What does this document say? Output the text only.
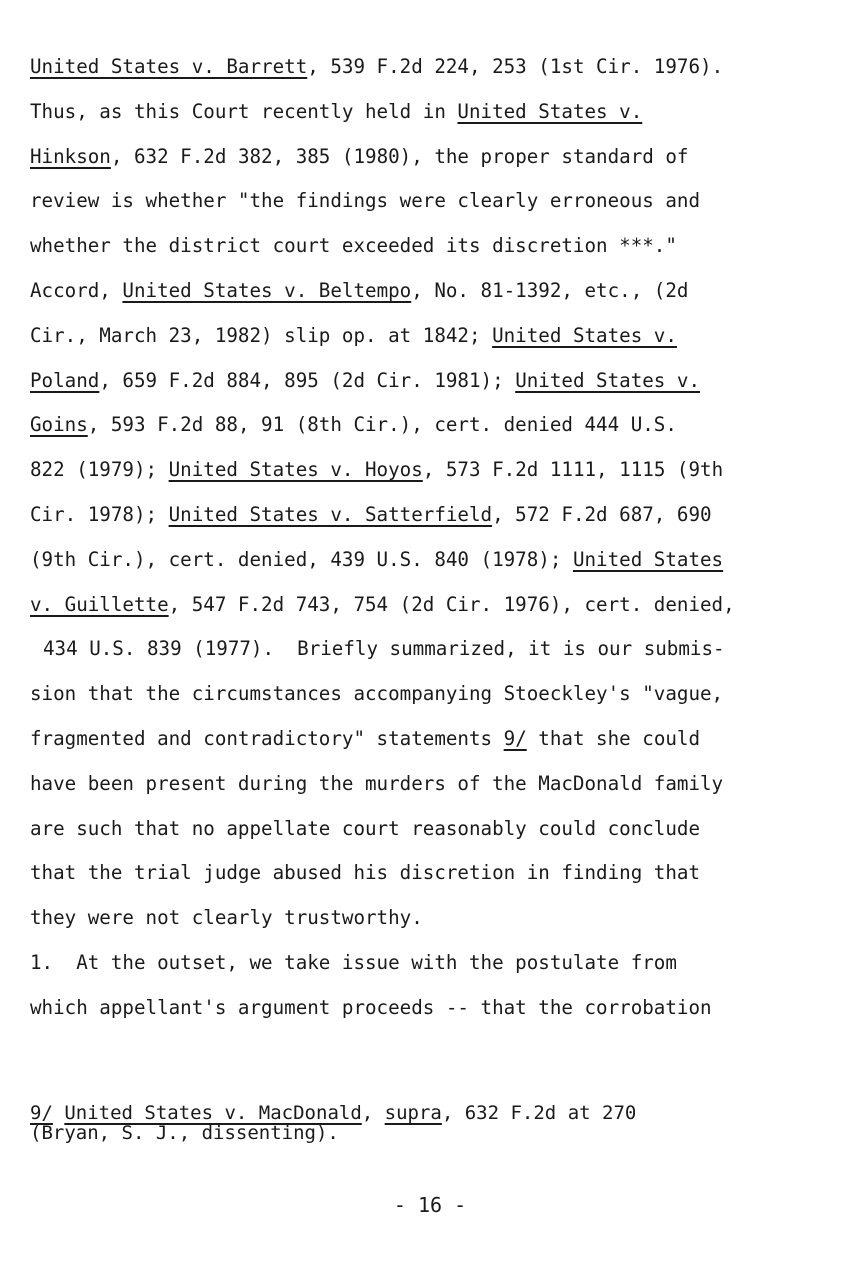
United States v. Barrett, 539 F.2d 224, 253 (1st Cir. 1976).
Thus, as this Court recently held in United States v.
Hinkson, 632 F.2d 382, 385 (1980), the proper standard of
review is whether "the findings were clearly erroneous and
whether the district court exceeded its discretion ***."
Accord, United States v. Beltempo, No. 81-1392, etc., (2d
Cir., March 23, 1982) slip op. at 1842; United States v.
Poland, 659 F.2d 884, 895 (2d Cir. 1981); United States v.
Goins, 593 F.2d 88, 91 (8th Cir.), cert. denied 444 U.S.
822 (1979); United States v. Hoyos, 573 F.2d 1111, 1115 (9th
Cir. 1978); United States v. Satterfield, 572 F.2d 687, 690
(9th Cir.), cert. denied, 439 U.S. 840 (1978); United States
v. Guillette, 547 F.2d 743, 754 (2d Cir. 1976), cert. denied,
434 U.S. 839 (1977).  Briefly summarized, it is our submis-
sion that the circumstances accompanying Stoeckley's "vague,
fragmented and contradictory" statements 9/ that she could
have been present during the murders of the MacDonald family
are such that no appellate court reasonably could conclude
that the trial judge abused his discretion in finding that
they were not clearly trustworthy.
1.  At the outset, we take issue with the postulate from
which appellant's argument proceeds -- that the corrobation
9/ United States v. MacDonald, supra, 632 F.2d at 270
(Bryan, S. J., dissenting).
- 16 -
